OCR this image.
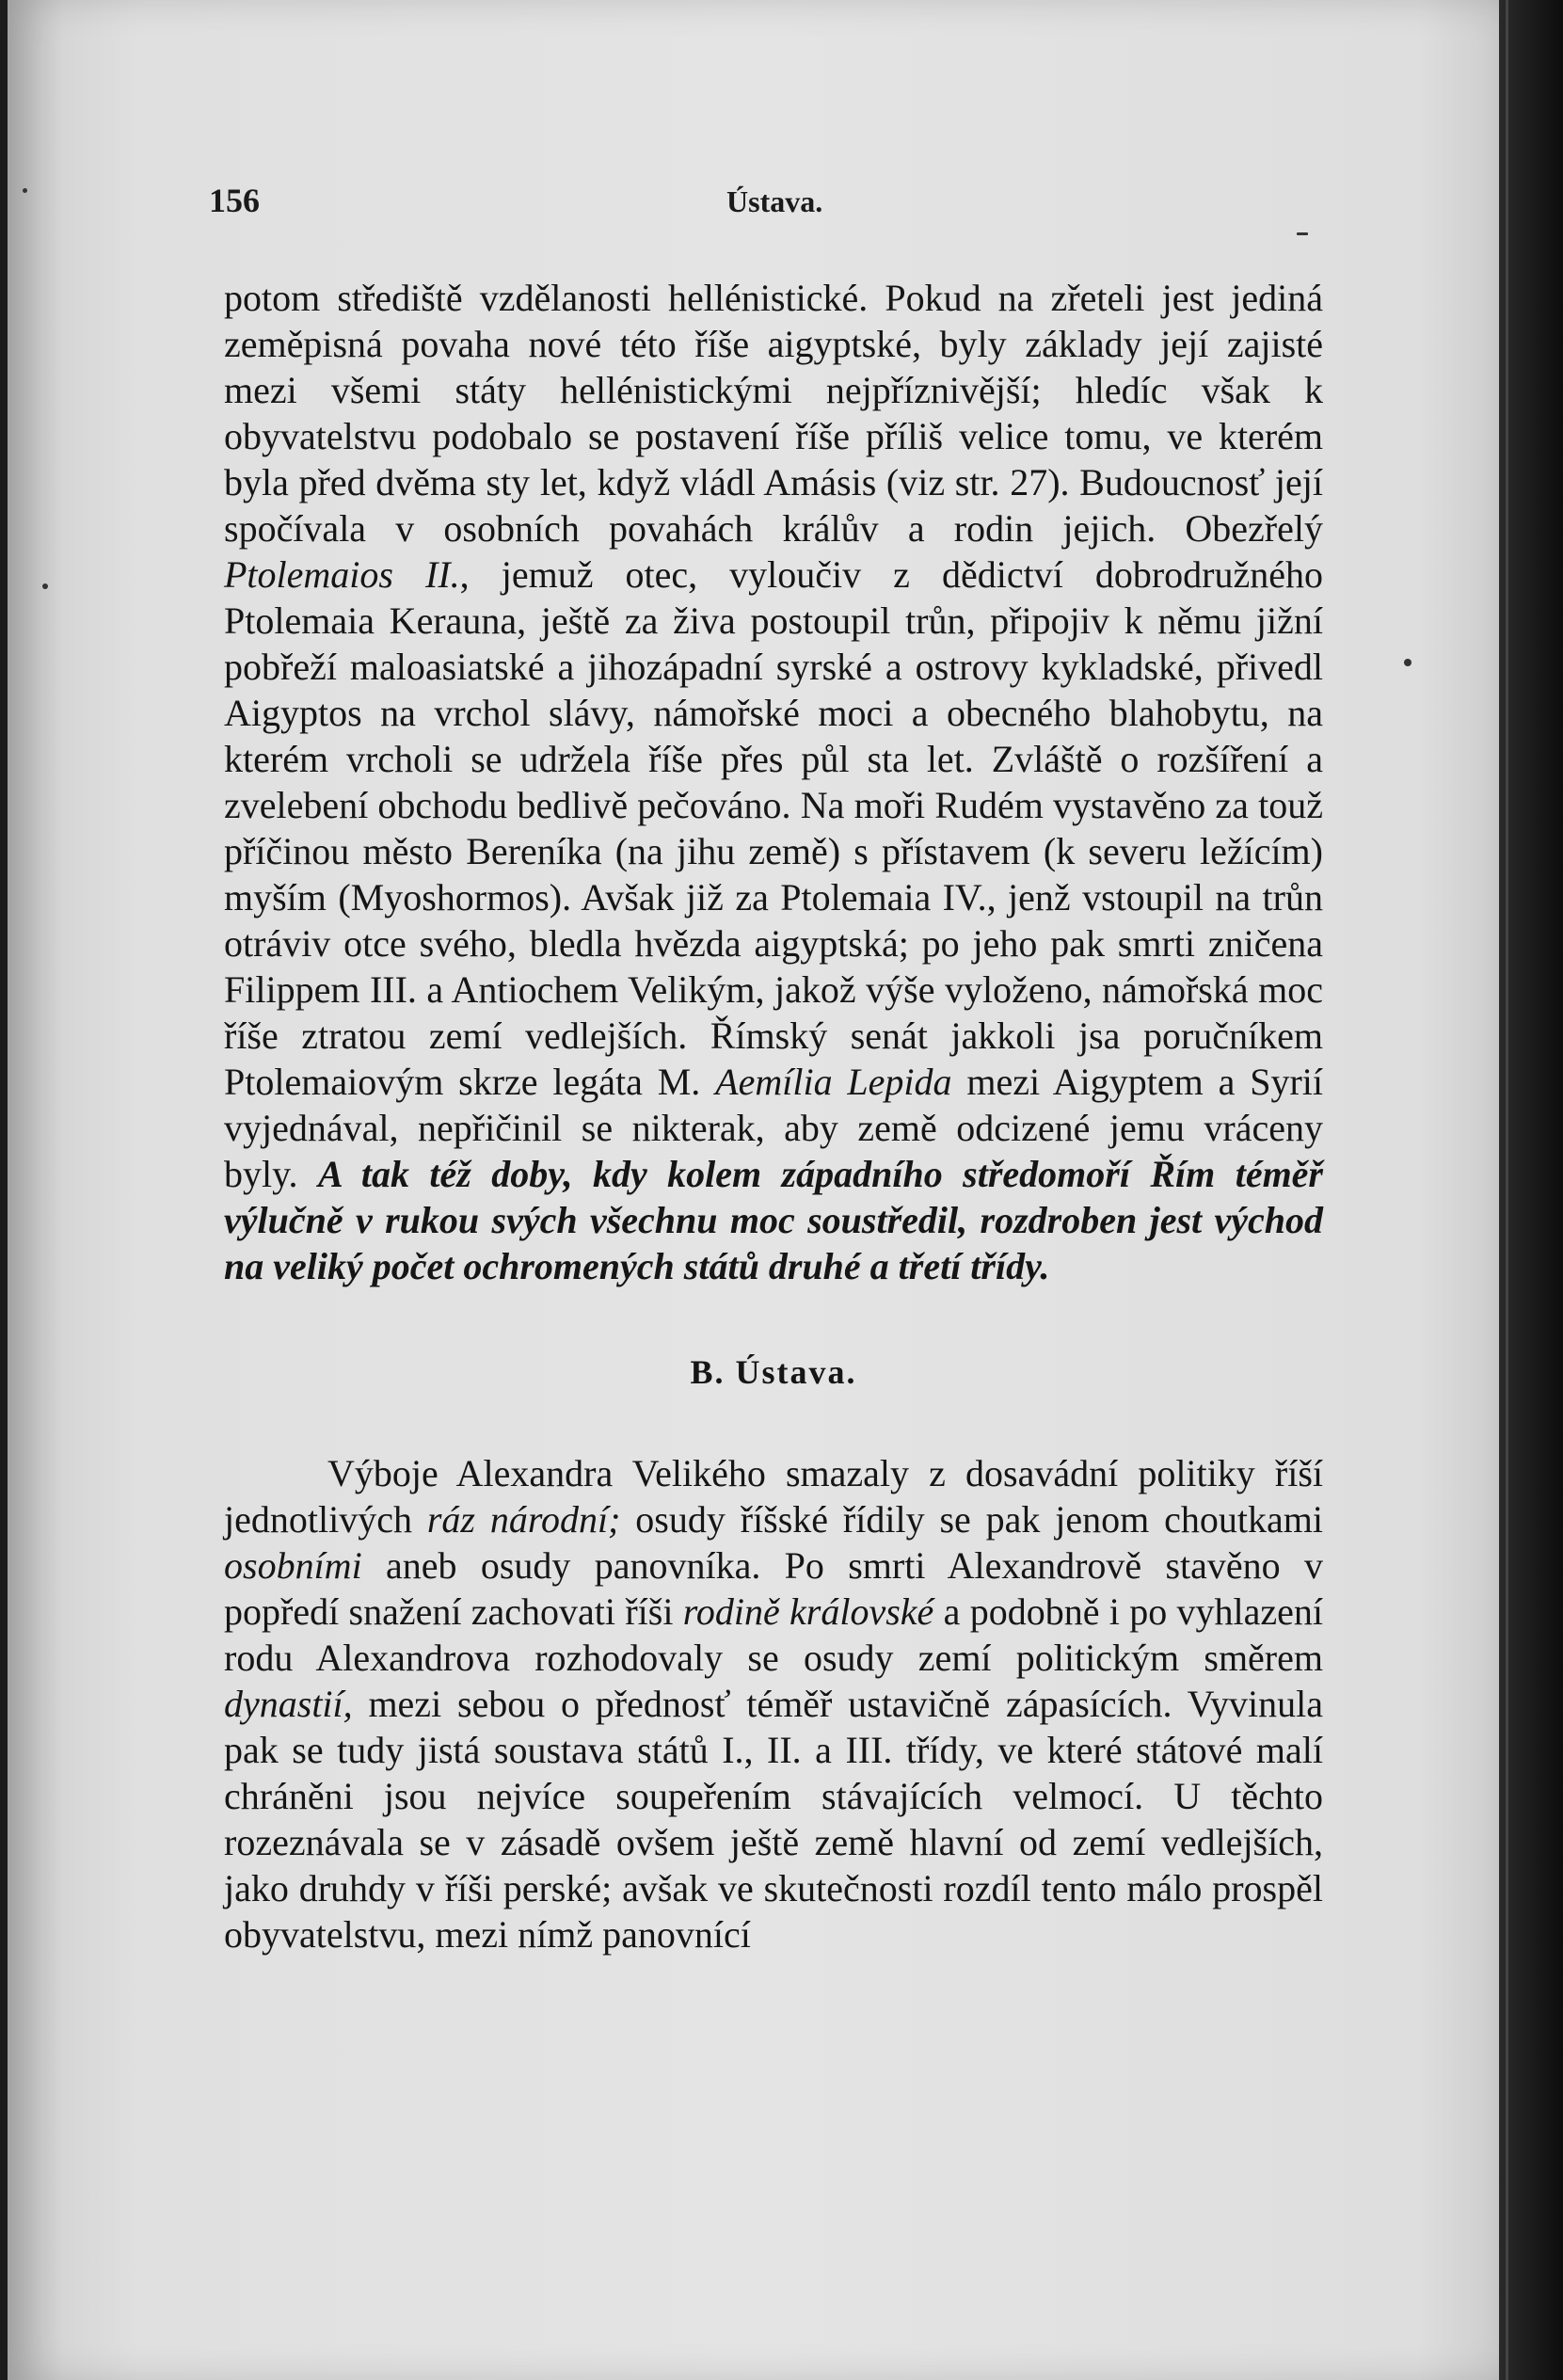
156	Ústava.

potom střediště vzdělanosti hellénistické. Pokud na zřeteli jest jediná zeměpisná povaha nové této říše aigyptské, byly základy její zajisté mezi všemi státy hellénistickými nejpříznivější; hledíc však k obyvatelstvu podobalo se postavení říše příliš velice tomu, ve kterém byla před dvěma sty let, když vládl Amásis (viz str. 27). Budoucnosť její spočívala v osobních povahách králův a rodin jejich. Obezřelý Ptolemaios II., jemuž otec, vyloučiv z dědictví dobrodružného Ptolemaia Kerauna, ještě za živa postoupil trůn, připojiv k němu jižní pobřeží maloasiatské a jihozápadní syrské a ostrovy kykladské, přivedl Aigyptos na vrchol slávy, námořské moci a obecného blahobytu, na kterém vrcholi se udržela říše přes půl sta let. Zvláště o rozšíření a zvelebení obchodu bedlivě pečováno. Na moři Rudém vystavěno za touž příčinou město Bereníka (na jihu země) s přístavem (k severu ležícím) myším (Myoshormos). Avšak již za Ptolemaia IV., jenž vstoupil na trůn otráviv otce svého, bledla hvězda aigyptská; po jeho pak smrti zničena Filippem III. a Antiochem Velikým, jakož výše vyloženo, námořská moc říše ztratou zemí vedlejších. Římský senát jakkoli jsa poručníkem Ptolemaiovým skrze legáta M. Aemília Lepida mezi Aigyptem a Syrií vyjednával, nepřičinil se nikterak, aby země odcizené jemu vráceny byly. A tak též doby, kdy kolem západního středomoří Řím téměř výlučně v rukou svých všechnu moc soustředil, rozdroben jest východ na veliký počet ochromených států druhé a třetí třídy.

B. Ústava.

Výboje Alexandra Velikého smazaly z dosavádní politiky říší jednotlivých ráz národní; osudy říšské řídily se pak jenom choutkami osobními aneb osudy panovníka. Po smrti Alexandrově stavěno v popředí snažení zachovati říši rodině královské a podobně i po vyhlazení rodu Alexandrova rozhodovaly se osudy zemí politickým směrem dynastií, mezi sebou o přednosť téměř ustavičně zápasících. Vyvinula pak se tudy jistá soustava států I., II. a III. třídy, ve které státové malí chráněni jsou nejvíce soupeřením stávajících velmocí. U těchto rozeznávala se v zásadě ovšem ještě země hlavní od zemí vedlejších, jako druhdy v říši perské; avšak ve skutečnosti rozdíl tento málo prospěl obyvatelstvu, mezi nímž panovnící
